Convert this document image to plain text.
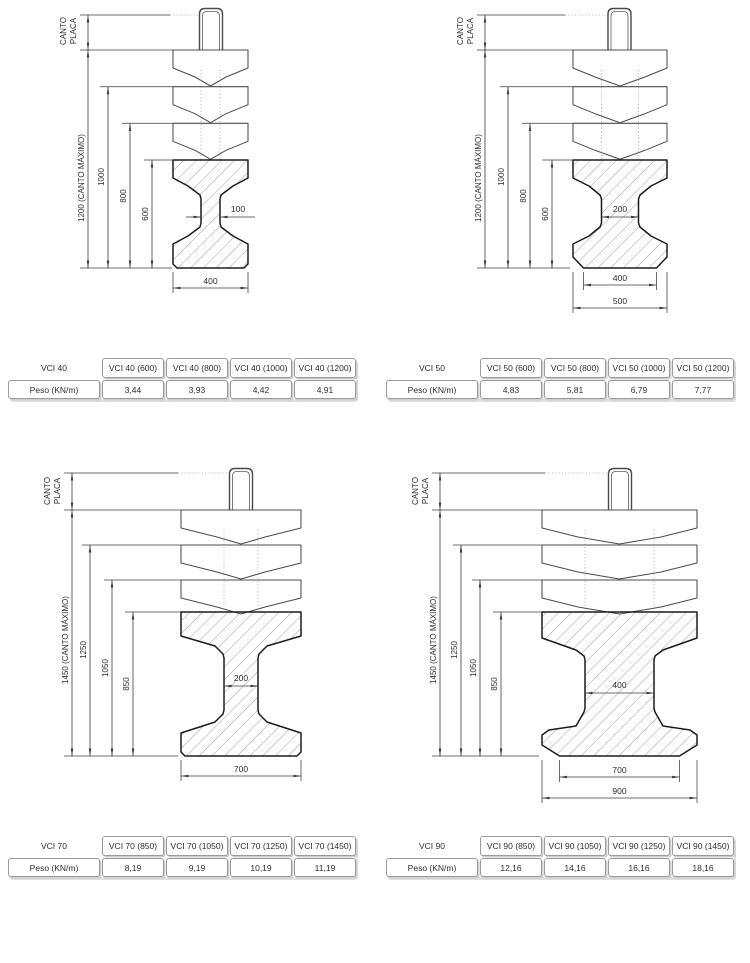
CANTO PLACA
1200 (CANTO MÁXIMO) 1000
800
600	100
400
CANTO PLACA
1200 (CANTO MÁXIMO) 1000
800
600	200
400
500
CANTO PLACA
1450 (CANTO MÁXIMO) 1250
1050
850	200
700
CANTO PLACA
1450 (CANTO MÁXIMO) 1250
1050
850	400
700
900
VCI 40	VCI 40 (600)	VCI 40 (800)	VCI 40 (1000)	VCI 40 (1200)
Peso (KN/m)	3,44	3,93	4,42	4,91
VCI 50	VCI 50 (600)	VCI 50 (800)	VCI 50 (1000)	VCI 50 (1200)
Peso (KN/m)	4,83	5,81	6,79	7,77
VCI 70	VCI 70 (850)	VCI 70 (1050)	VCI 70 (1250)	VCI 70 (1450)
Peso (KN/m)	8,19	9,19	10,19	11,19
VCI 90	VCI 90 (850)	VCI 90 (1050)	VCI 90 (1250)	VCI 90 (1450)
Peso (KN/m)	12,16	14,16	16,16	18,16
